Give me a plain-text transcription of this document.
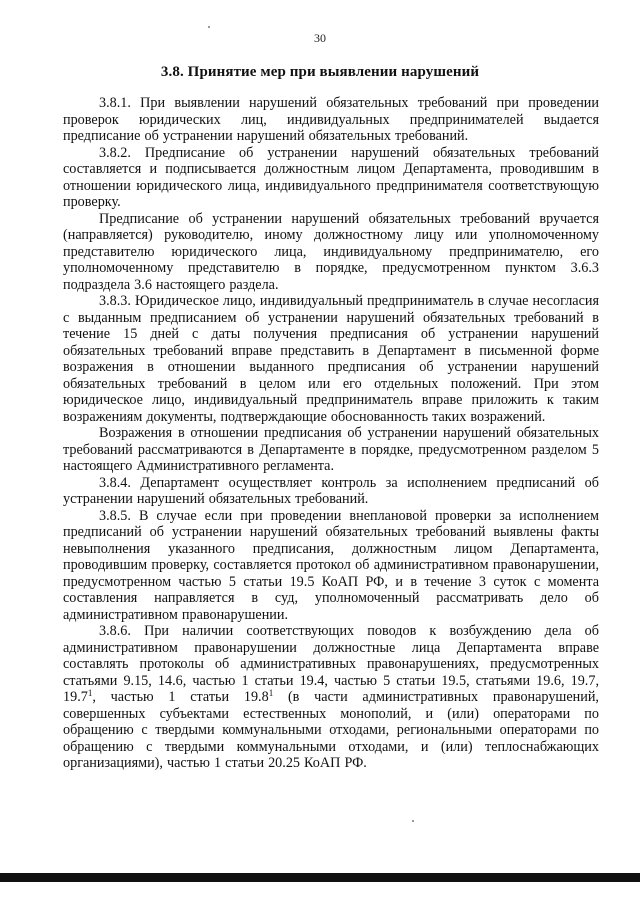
30
3.8. Принятие мер при выявлении нарушений

3.8.1. При выявлении нарушений обязательных требований при проведении проверок юридических лиц, индивидуальных предпринимателей выдается предписание об устранении нарушений обязательных требований.

3.8.2. Предписание об устранении нарушений обязательных требований составляется и подписывается должностным лицом Департамента, проводившим в отношении юридического лица, индивидуального предпринимателя соответствующую проверку.

Предписание об устранении нарушений обязательных требований вручается (направляется) руководителю, иному должностному лицу или уполномоченному представителю юридического лица, индивидуальному предпринимателю, его уполномоченному представителю в порядке, предусмотренном пунктом 3.6.3 подраздела 3.6 настоящего раздела.

3.8.3. Юридическое лицо, индивидуальный предприниматель в случае несогласия с выданным предписанием об устранении нарушений обязательных требований в течение 15 дней с даты получения предписания об устранении нарушений обязательных требований вправе представить в Департамент в письменной форме возражения в отношении выданного предписания об устранении нарушений обязательных требований в целом или его отдельных положений. При этом юридическое лицо, индивидуальный предприниматель вправе приложить к таким возражениям документы, подтверждающие обоснованность таких возражений.

Возражения в отношении предписания об устранении нарушений обязательных требований рассматриваются в Департаменте в порядке, предусмотренном разделом 5 настоящего Административного регламента.

3.8.4. Департамент осуществляет контроль за исполнением предписаний об устранении нарушений обязательных требований.

3.8.5. В случае если при проведении внеплановой проверки за исполнением предписаний об устранении нарушений обязательных требований выявлены факты невыполнения указанного предписания, должностным лицом Департамента, проводившим проверку, составляется протокол об административном правонарушении, предусмотренном частью 5 статьи 19.5 КоАП РФ, и в течение 3 суток с момента составления направляется в суд, уполномоченный рассматривать дело об административном правонарушении.

3.8.6. При наличии соответствующих поводов к возбуждению дела об административном правонарушении должностные лица Департамента вправе составлять протоколы об административных правонарушениях, предусмотренных статьями 9.15, 14.6, частью 1 статьи 19.4, частью 5 статьи 19.5, статьями 19.6, 19.7, 19.7$^1$, частью 1 статьи 19.8$^1$ (в части административных правонарушений, совершенных субъектами естественных монополий, и (или) операторами по обращению с твердыми коммунальными отходами, региональными операторами по обращению с твердыми коммунальными отходами, и (или) теплоснабжающих организациями), частью 1 статьи 20.25 КоАП РФ.
